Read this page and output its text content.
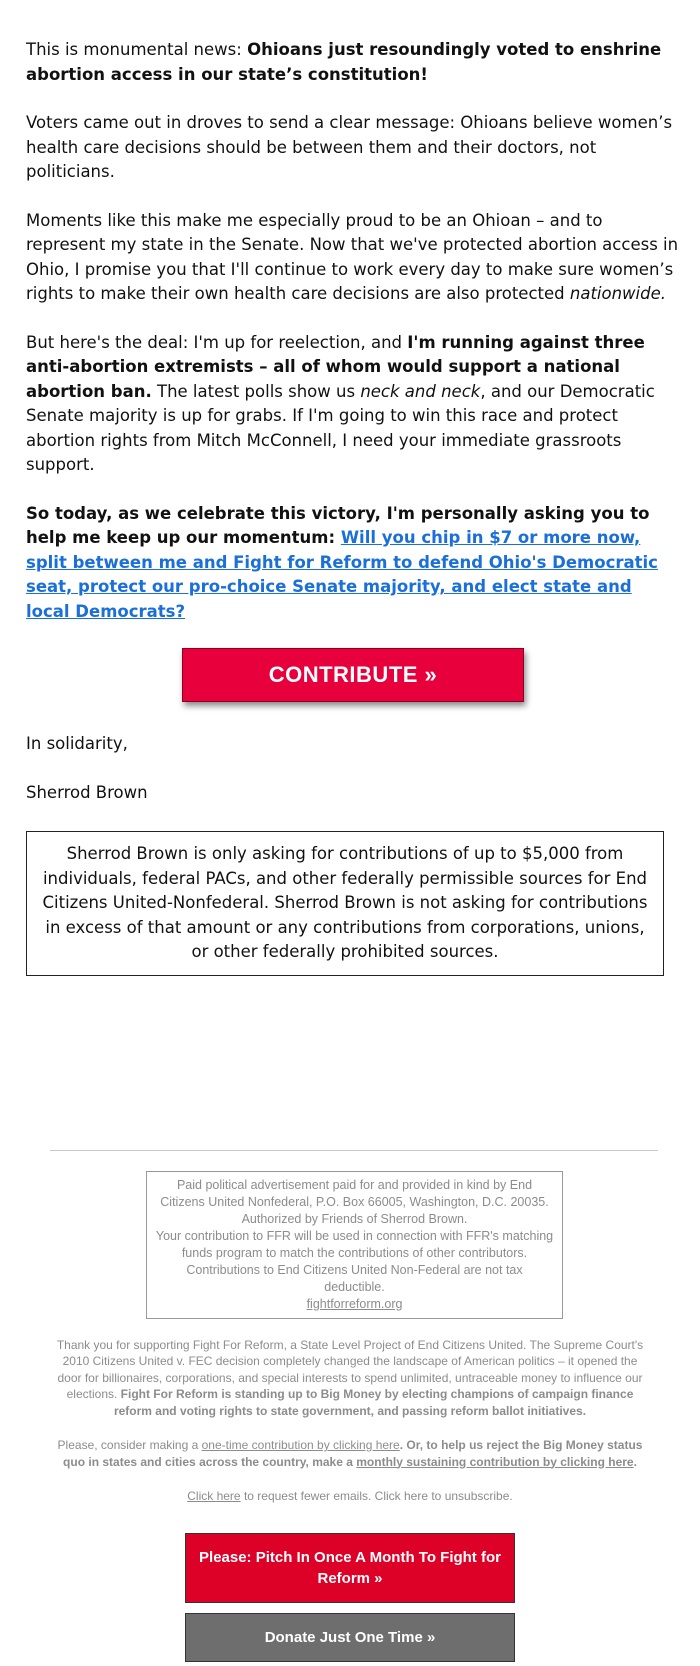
This is monumental news: Ohioans just resoundingly voted to enshrine abortion access in our state’s constitution!

Voters came out in droves to send a clear message: Ohioans believe women’s health care decisions should be between them and their doctors, not politicians.

Moments like this make me especially proud to be an Ohioan – and to represent my state in the Senate. Now that we've protected abortion access in Ohio, I promise you that I'll continue to work every day to make sure women’s rights to make their own health care decisions are also protected nationwide.

But here's the deal: I'm up for reelection, and I'm running against three anti-abortion extremists – all of whom would support a national abortion ban. The latest polls show us neck and neck, and our Democratic Senate majority is up for grabs. If I'm going to win this race and protect abortion rights from Mitch McConnell, I need your immediate grassroots support.

So today, as we celebrate this victory, I'm personally asking you to help me keep up our momentum: Will you chip in $7 or more now, split between me and Fight for Reform to defend Ohio's Democratic seat, protect our pro-choice Senate majority, and elect state and local Democrats?

CONTRIBUTE »

In solidarity,

Sherrod Brown

Sherrod Brown is only asking for contributions of up to $5,000 from individuals, federal PACs, and other federally permissible sources for End Citizens United-Nonfederal. Sherrod Brown is not asking for contributions in excess of that amount or any contributions from corporations, unions, or other federally prohibited sources.
Paid political advertisement paid for and provided in kind by End Citizens United Nonfederal, P.O. Box 66005, Washington, D.C. 20035. Authorized by Friends of Sherrod Brown.
Your contribution to FFR will be used in connection with FFR's matching funds program to match the contributions of other contributors.
Contributions to End Citizens United Non-Federal are not tax deductible.
fightforreform.org
Thank you for supporting Fight For Reform, a State Level Project of End Citizens United. The Supreme Court's 2010 Citizens United v. FEC decision completely changed the landscape of American politics – it opened the door for billionaires, corporations, and special interests to spend unlimited, untraceable money to influence our elections. Fight For Reform is standing up to Big Money by electing champions of campaign finance reform and voting rights to state government, and passing reform ballot initiatives.
Please, consider making a one-time contribution by clicking here. Or, to help us reject the Big Money status quo in states and cities across the country, make a monthly sustaining contribution by clicking here.
Click here to request fewer emails. Click here to unsubscribe.
Please: Pitch In Once A Month To Fight for Reform »
Donate Just One Time »
